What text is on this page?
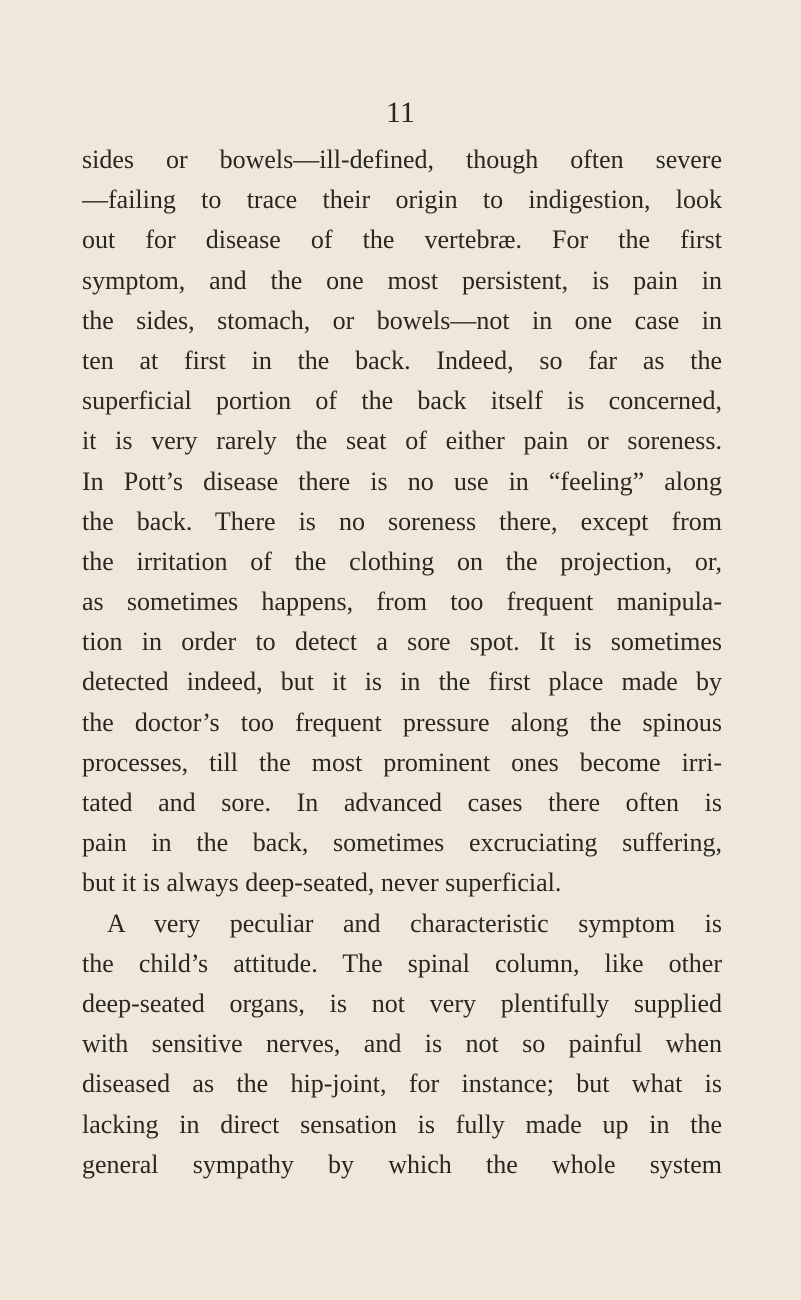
11
sides or bowels—ill-defined, though often severe
—failing to trace their origin to indigestion, look
out for disease of the vertebræ. For the first
symptom, and the one most persistent, is pain in
the sides, stomach, or bowels—not in one case in
ten at first in the back. Indeed, so far as the
superficial portion of the back itself is concerned,
it is very rarely the seat of either pain or soreness.
In Pott’s disease there is no use in “feeling” along
the back. There is no soreness there, except from
the irritation of the clothing on the projection, or,
as sometimes happens, from too frequent manipula-
tion in order to detect a sore spot. It is sometimes
detected indeed, but it is in the first place made by
the doctor’s too frequent pressure along the spinous
processes, till the most prominent ones become irri-
tated and sore. In advanced cases there often is
pain in the back, sometimes excruciating suffering,
but it is always deep-seated, never superficial.
A very peculiar and characteristic symptom is
the child’s attitude. The spinal column, like other
deep-seated organs, is not very plentifully supplied
with sensitive nerves, and is not so painful when
diseased as the hip-joint, for instance; but what is
lacking in direct sensation is fully made up in the
general sympathy by which the whole system
